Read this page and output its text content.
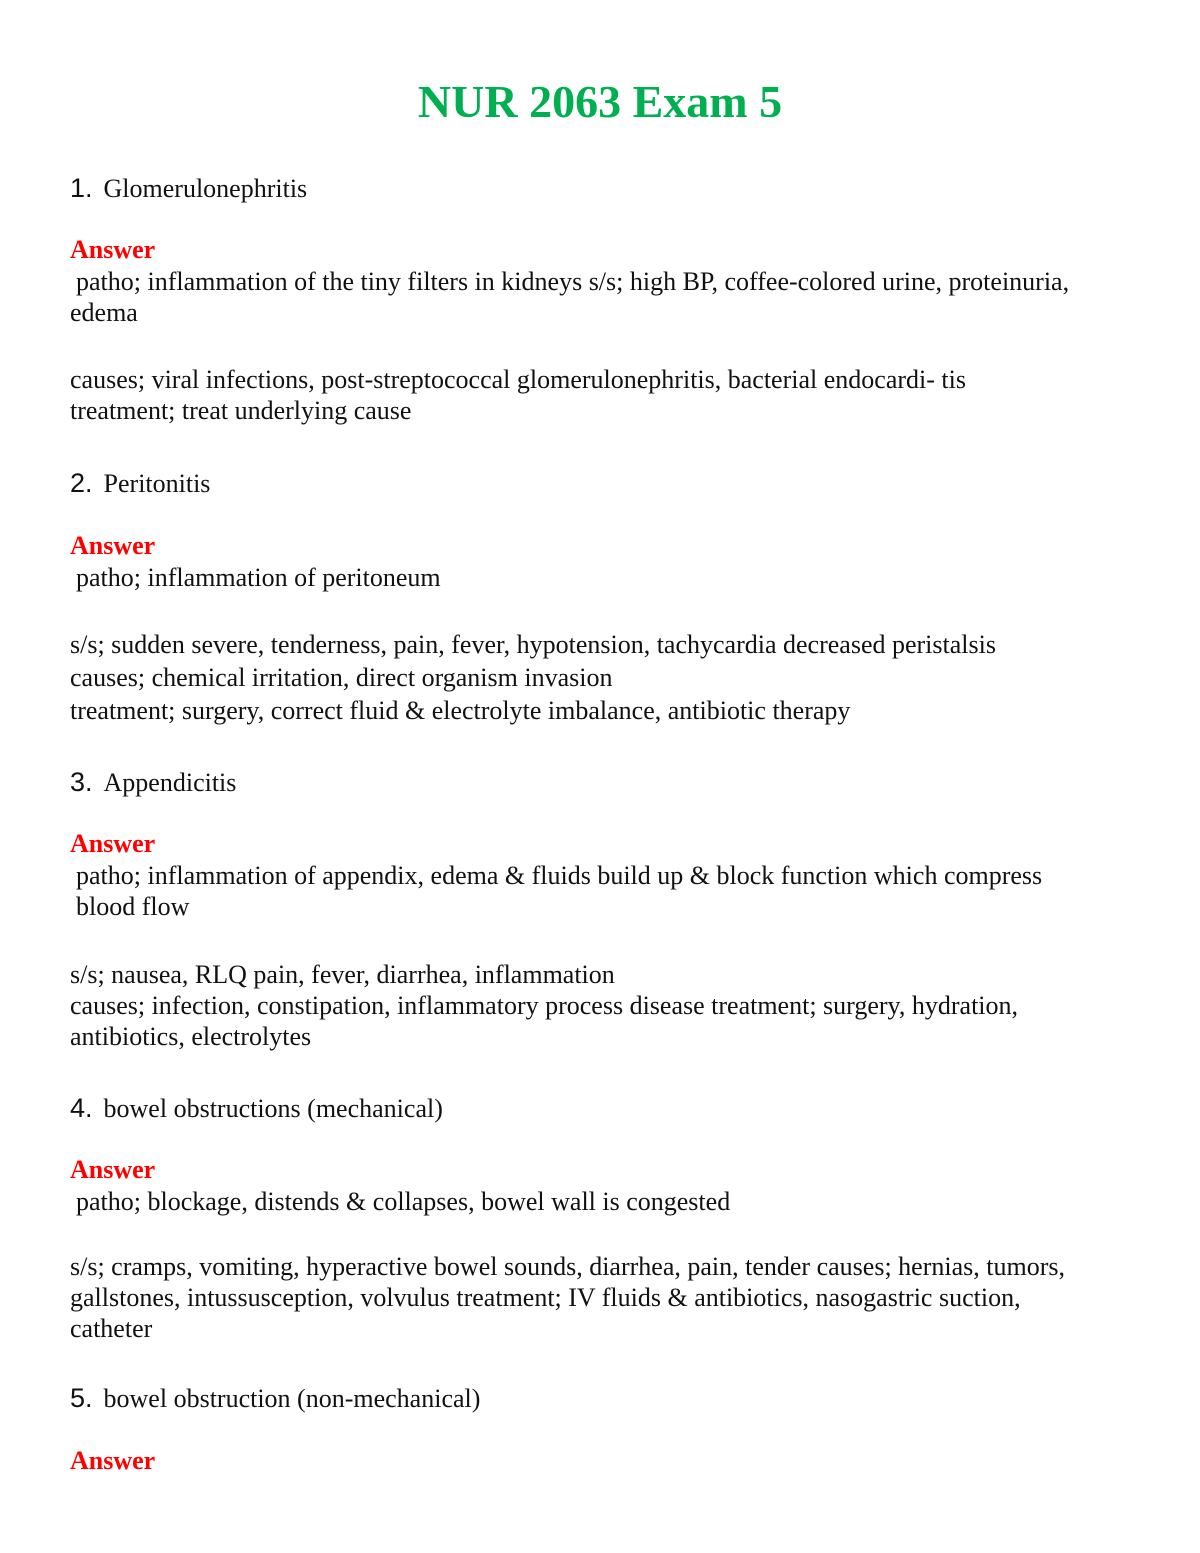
NUR 2063 Exam 5
1. Glomerulonephritis
Answer

patho; inflammation of the tiny filters in kidneys s/s; high BP, coffee-colored urine, proteinuria,
edema

causes; viral infections, post-streptococcal glomerulonephritis, bacterial endocardi- tis
treatment; treat underlying cause

2. Peritonitis
Answer

patho; inflammation of peritoneum

s/s; sudden severe, tenderness, pain, fever, hypotension, tachycardia decreased peristalsis
causes; chemical irritation, direct organism invasion
treatment; surgery, correct fluid & electrolyte imbalance, antibiotic therapy

3. Appendicitis
Answer

patho; inflammation of appendix, edema & fluids build up & block function which compress
blood flow

s/s; nausea, RLQ pain, fever, diarrhea, inflammation
causes; infection, constipation, inflammatory process disease treatment; surgery, hydration,
antibiotics, electrolytes

4. bowel obstructions (mechanical)
Answer

patho; blockage, distends & collapses, bowel wall is congested

s/s; cramps, vomiting, hyperactive bowel sounds, diarrhea, pain, tender causes; hernias, tumors,
gallstones, intussusception, volvulus treatment; IV fluids & antibiotics, nasogastric suction,
catheter

5. bowel obstruction (non-mechanical)
Answer
